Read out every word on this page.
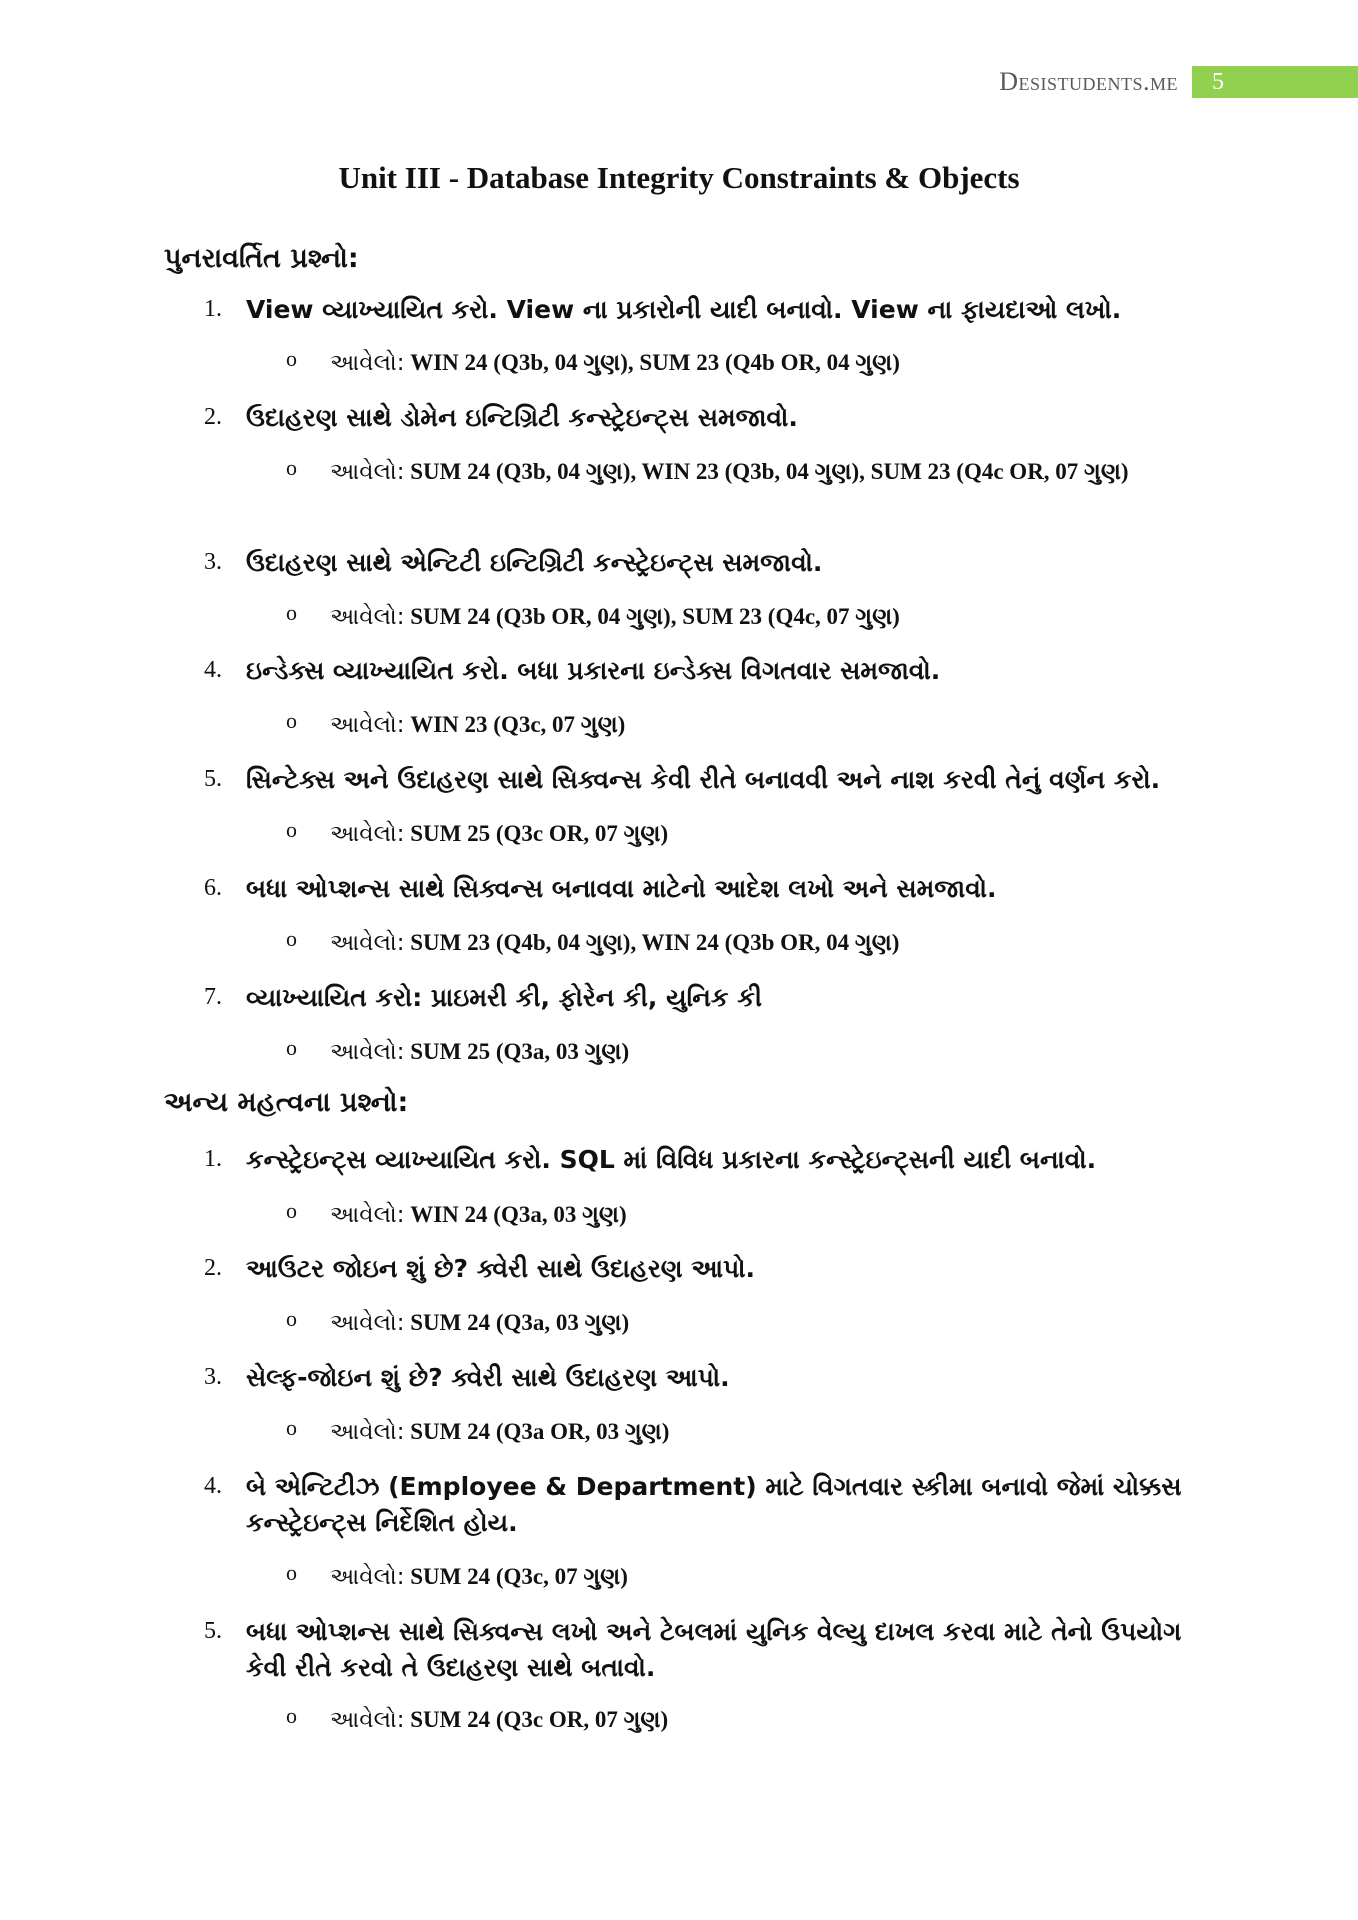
Desistudents.me	5
Unit III - Database Integrity Constraints & Objects
પુનરાવર્તિત પ્રશ્નો:
1. View વ્યાખ્યાયિત કરો. View ના પ્રકારોની યાદી બનાવો. View ના ફાયદાઓ લખો.
o આવેલો: WIN 24 (Q3b, 04 ગુણ), SUM 23 (Q4b OR, 04 ગુણ)
2. ઉદાહરણ સાથે ડોમેન ઇન્ટિગ્રિટી કન્સ્ટ્રેઇન્ટ્સ સમજાવો.
o આવેલો: SUM 24 (Q3b, 04 ગુણ), WIN 23 (Q3b, 04 ગુણ), SUM 23 (Q4c OR, 07 ગુણ)
3. ઉદાહરણ સાથે એન્ટિટી ઇન્ટિગ્રિટી કન્સ્ટ્રેઇન્ટ્સ સમજાવો.
o આવેલો: SUM 24 (Q3b OR, 04 ગુણ), SUM 23 (Q4c, 07 ગુણ)
4. ઇન્ડેક્સ વ્યાખ્યાયિત કરો. બધા પ્રકારના ઇન્ડેક્સ વિગતવાર સમજાવો.
o આવેલો: WIN 23 (Q3c, 07 ગુણ)
5. સિન્ટેક્સ અને ઉદાહરણ સાથે સિક્વન્સ કેવી રીતે બનાવવી અને નાશ કરવી તેનું વર્ણન કરો.
o આવેલો: SUM 25 (Q3c OR, 07 ગુણ)
6. બધા ઓપ્શન્સ સાથે સિક્વન્સ બનાવવા માટેનો આદેશ લખો અને સમજાવો.
o આવેલો: SUM 23 (Q4b, 04 ગુણ), WIN 24 (Q3b OR, 04 ગુણ)
7. વ્યાખ્યાયિત કરો: પ્રાઇમરી કી, ફોરેન કી, યુનિક કી
o આવેલો: SUM 25 (Q3a, 03 ગુણ)
અન્ય મહત્વના પ્રશ્નો:
1. કન્સ્ટ્રેઇન્ટ્સ વ્યાખ્યાયિત કરો. SQL માં વિવિધ પ્રકારના કન્સ્ટ્રેઇન્ટ્સની યાદી બનાવો.
o આવેલો: WIN 24 (Q3a, 03 ગુણ)
2. આઉટર જોઇન શું છે? ક્વેરી સાથે ઉદાહરણ આપો.
o આવેલો: SUM 24 (Q3a, 03 ગુણ)
3. સેલ્ફ-જોઇન શું છે? ક્વેરી સાથે ઉદાહરણ આપો.
o આવેલો: SUM 24 (Q3a OR, 03 ગુણ)
4. બે એન્ટિટીઝ (Employee & Department) માટે વિગતવાર સ્કીમા બનાવો જેમાં ચોક્કસ કન્સ્ટ્રેઇન્ટ્સ નિર્દેશિત હોય.
o આવેલો: SUM 24 (Q3c, 07 ગુણ)
5. બધા ઓપ્શન્સ સાથે સિક્વન્સ લખો અને ટેબલમાં યુનિક વેલ્યુ દાખલ કરવા માટે તેનો ઉપયોગ કેવી રીતે કરવો તે ઉદાહરણ સાથે બતાવો.
o આવેલો: SUM 24 (Q3c OR, 07 ગુણ)
